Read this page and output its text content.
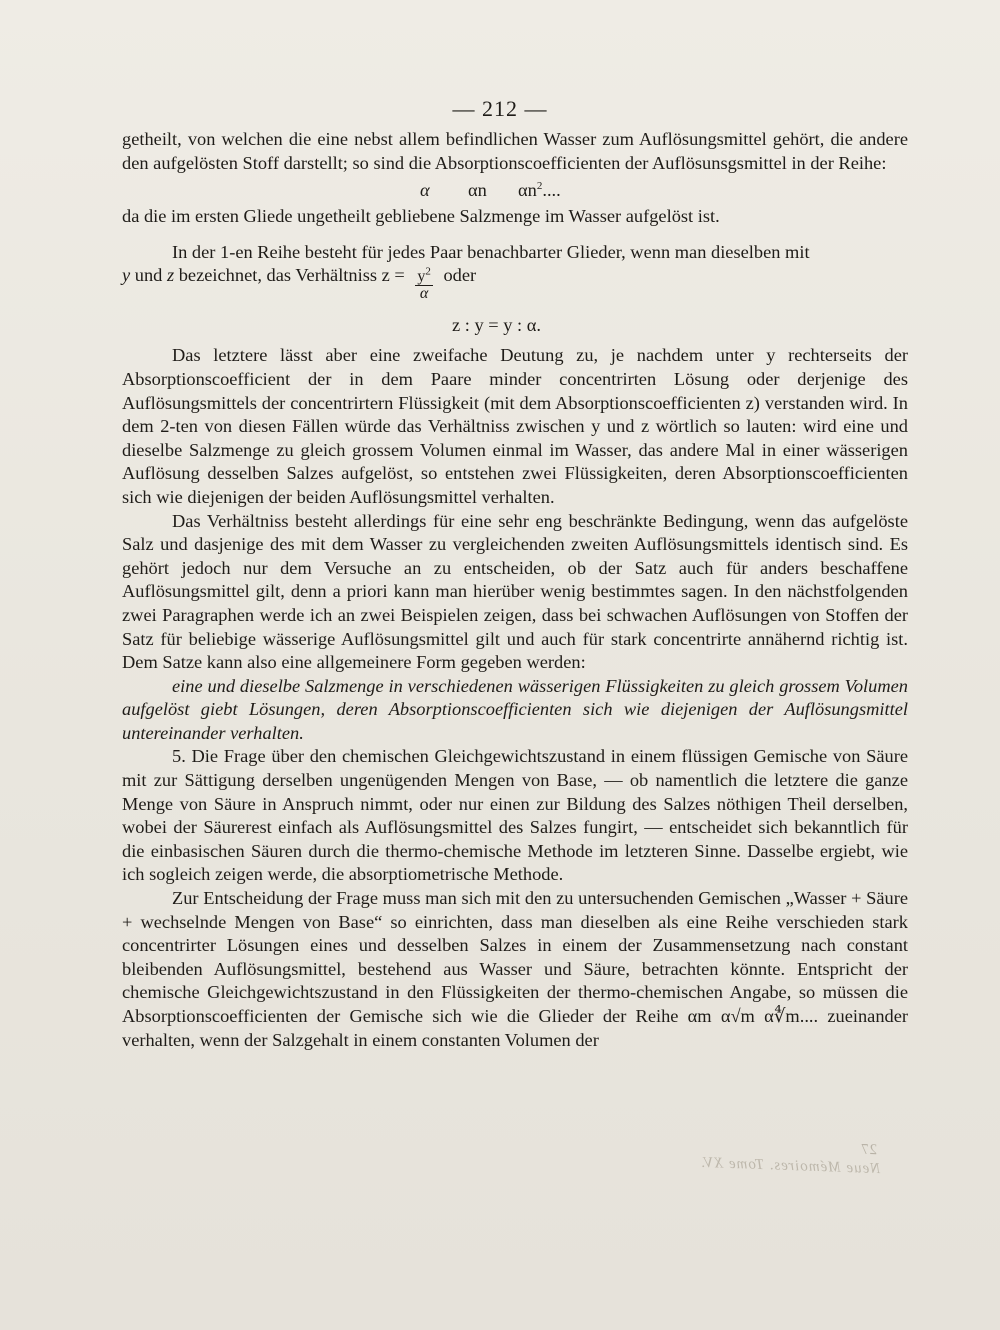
27
Neue Mémoires. Tome XV.
— 212 —

getheilt, von welchen die eine nebst allem befindlichen Wasser zum Auflösungsmittel gehört, die andere den aufgelösten Stoff darstellt; so sind die Absorptionscoefficienten der Auflösunsgsmittel in der Reihe:

α αn $\alpha n^2$....

da die im ersten Gliede ungetheilt gebliebene Salzmenge im Wasser aufgelöst ist.

In der 1-en Reihe besteht für jedes Paar benachbarter Glieder, wenn man dieselben mit

y und z bezeichnet, das Verhältniss $z = \frac{y^2}{\alpha}$ oder
z : y = y : α.

Das letztere lässt aber eine zweifache Deutung zu, je nachdem unter y rechterseits der Absorptionscoefficient der in dem Paare minder concentrirten Lösung oder derjenige des Auflösungsmittels der concentrirtern Flüssigkeit (mit dem Absorptionscoefficienten z) verstanden wird. In dem 2-ten von diesen Fällen würde das Verhältniss zwischen y und z wörtlich so lauten: wird eine und dieselbe Salzmenge zu gleich grossem Volumen einmal im Wasser, das andere Mal in einer wässerigen Auflösung desselben Salzes aufgelöst, so entstehen zwei Flüssigkeiten, deren Absorptionscoefficienten sich wie diejenigen der beiden Auflösungsmittel verhalten.

Das Verhältniss besteht allerdings für eine sehr eng beschränkte Bedingung, wenn das aufgelöste Salz und dasjenige des mit dem Wasser zu vergleichenden zweiten Auflösungsmittels identisch sind. Es gehört jedoch nur dem Versuche an zu entscheiden, ob der Satz auch für anders beschaffene Auflösungsmittel gilt, denn a priori kann man hierüber wenig bestimmtes sagen. In den nächstfolgenden zwei Paragraphen werde ich an zwei Beispielen zeigen, dass bei schwachen Auflösungen von Stoffen der Satz für beliebige wässerige Auflösungsmittel gilt und auch für stark concentrirte annähernd richtig ist. Dem Satze kann also eine allgemeinere Form gegeben werden:

eine und dieselbe Salzmenge in verschiedenen wässerigen Flüssigkeiten zu gleich grossem Volumen aufgelöst giebt Lösungen, deren Absorptionscoefficienten sich wie diejenigen der Auflösungsmittel untereinander verhalten.

5. Die Frage über den chemischen Gleichgewichtszustand in einem flüssigen Gemische von Säure mit zur Sättigung derselben ungenügenden Mengen von Base, — ob namentlich die letztere die ganze Menge von Säure in Anspruch nimmt, oder nur einen zur Bildung des Salzes nöthigen Theil derselben, wobei der Säurerest einfach als Auflösungsmittel des Salzes fungirt, — entscheidet sich bekanntlich für die einbasischen Säuren durch die thermo-chemische Methode im letzteren Sinne. Dasselbe ergiebt, wie ich sogleich zeigen werde, die absorptiometrische Methode.

Zur Entscheidung der Frage muss man sich mit den zu untersuchenden Gemischen „Wasser + Säure + wechselnde Mengen von Base“ so einrichten, dass man dieselben als eine Reihe verschieden stark concentrirter Lösungen eines und desselben Salzes in einem der Zusammensetzung nach constant bleibenden Auflösungsmittel, bestehend aus Wasser und Säure, betrachten könnte. Entspricht der chemische Gleichgewichtszustand in den Flüssigkeiten der thermo-chemischen Angabe, so müssen die Absorptionscoefficienten der Gemische sich wie die Glieder der Reihe αm α√m α∜m.... zueinander verhalten, wenn der Salzgehalt in einem constanten Volumen der
